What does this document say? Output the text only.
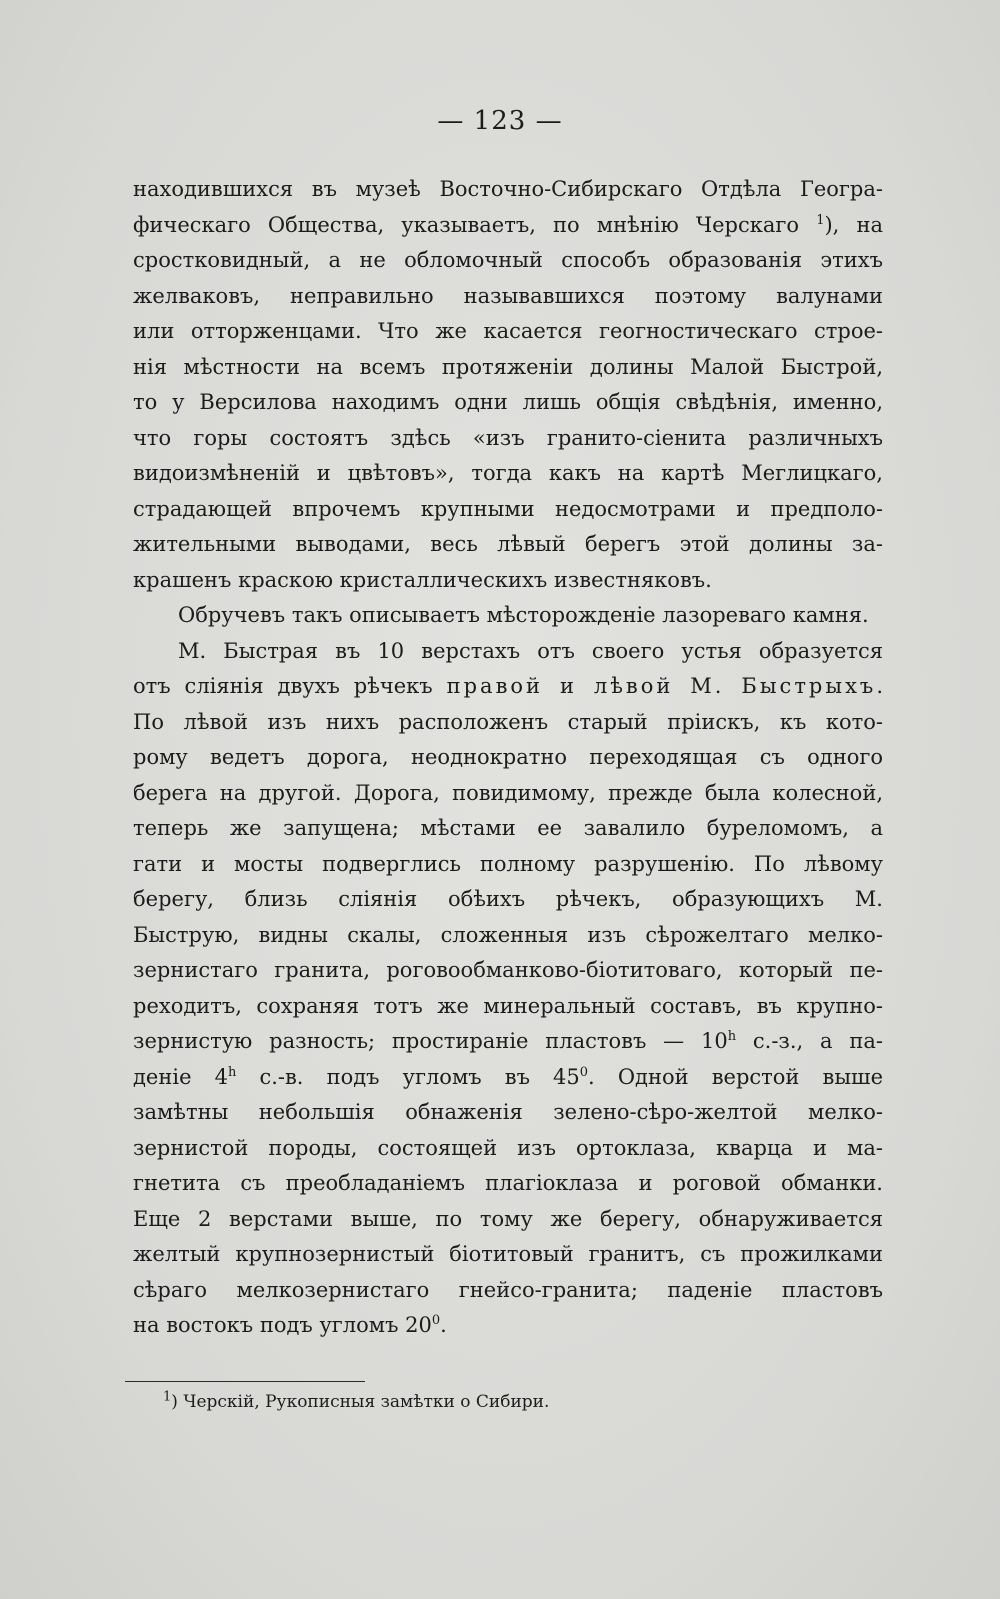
— 123 —
находившихся въ музеѣ Восточно-Сибирскаго Отдѣла Геогра-
фическаго Общества, указываетъ, по мнѣнію Черскаго $^1$), на
сростковидный, а не обломочный способъ образованія этихъ
желваковъ, неправильно называвшихся поэтому валунами
или отторженцами. Что же касается геогностическаго строе-
нія мѣстности на всемъ протяженіи долины Малой Быстрой,
то у Версилова находимъ одни лишь общія свѣдѣнія, именно,
что горы состоятъ здѣсь «изъ гранито-сіенита различныхъ
видоизмѣненій и цвѣтовъ», тогда какъ на картѣ Меглицкаго,
страдающей впрочемъ крупными недосмотрами и предполо-
жительными выводами, весь лѣвый берегъ этой долины за-
крашенъ краскою кристаллическихъ известняковъ.
Обручевъ такъ описываетъ мѣсторожденіе лазореваго камня.
М. Быстрая въ 10 верстахъ отъ своего устья образуется
отъ слiянія двухъ рѣчекъ правой и лѣвой М. Быстрыхъ.
По лѣвой изъ нихъ расположенъ старый пріискъ, къ кото-
рому ведетъ дорога, неоднократно переходящая съ одного
берега на другой. Дорога, повидимому, прежде была колесной,
теперь же запущена; мѣстами ее завалило буреломомъ, а
гати и мосты подверглись полному разрушенію. По лѣвому
берегу, близь сліянія обѣихъ рѣчекъ, образующихъ М.
Быструю, видны скалы, сложенныя изъ сѣрожелтаго мелко-
зернистаго гранита, роговообманково-біотитоваго, который пе-
реходитъ, сохраняя тотъ же минеральный составъ, въ крупно-
зернистую разность; простираніе пластовъ — 10$^h$ с.-з., а па-
деніе 4$^h$ с.-в. подъ угломъ въ $45^0$. Одной верстой выше
замѣтны небольшія обнаженія зелено-сѣро-желтой мелко-
зернистой породы, состоящей изъ ортоклаза, кварца и ма-
гнетита съ преобладаніемъ плагіоклаза и роговой обманки.
Еще 2 верстами выше, по тому же берегу, обнаруживается
желтый крупнозернистый біотитовый гранитъ, съ прожилками
сѣраго мелкозернистаго гнейсо-гранита; паденіе пластовъ
на востокъ подъ угломъ $20^0$.
$^1$) Черскій, Рукописныя замѣтки о Сибири.
